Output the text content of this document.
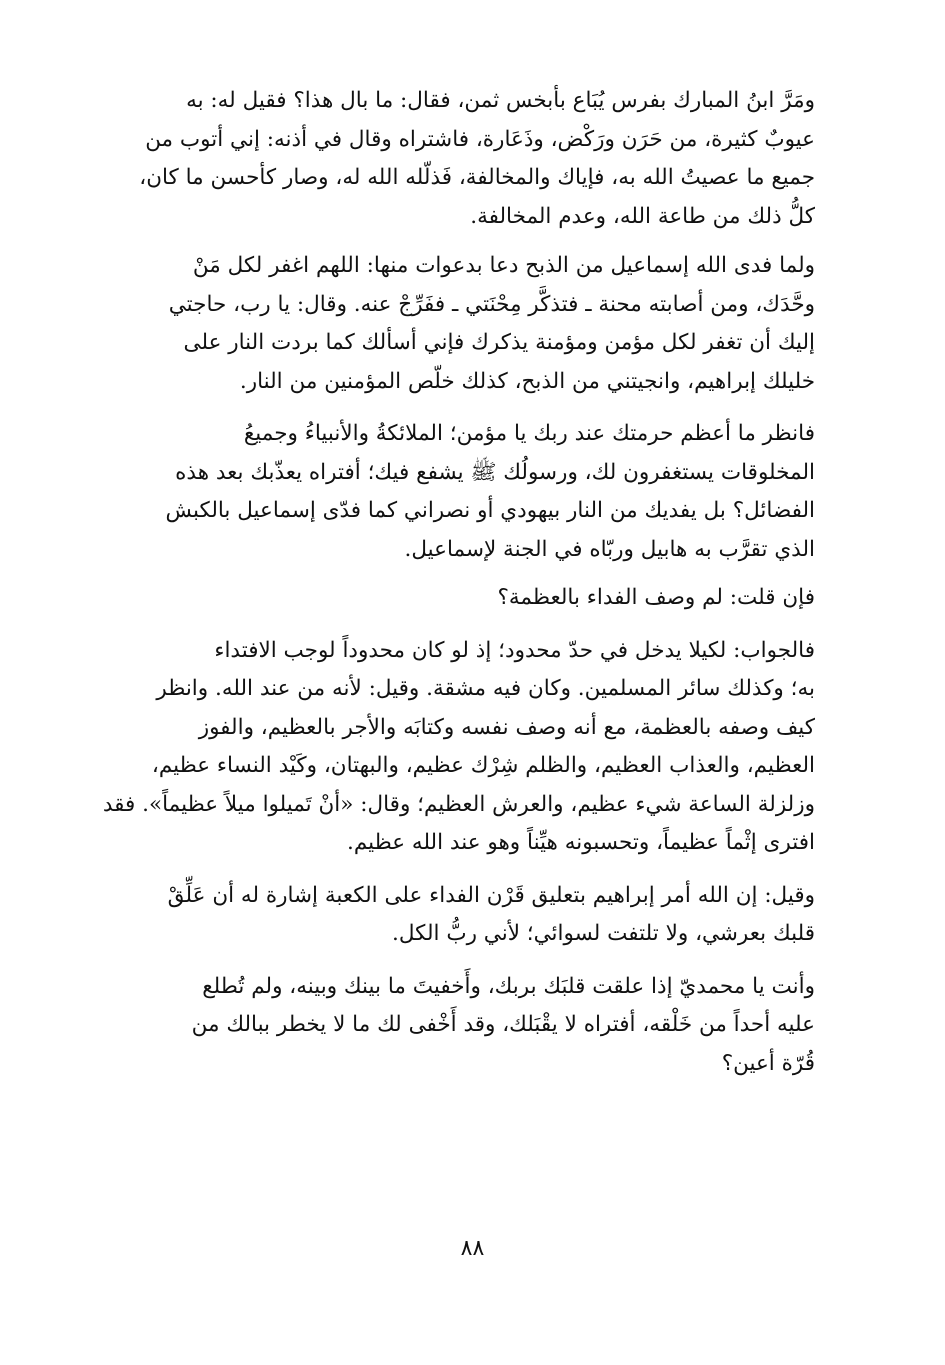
ومَرَّ ابنُ المبارك بفرس يُبَاع بأبخس ثمن، فقال: ما بال هذا؟ فقيل له: به
عيوبٌ كثيرة، من حَرَن ورَكْض، وذَعَارة، فاشتراه وقال في أذنه: إني أتوب من
جميع ما عصيتُ الله به، فإياك والمخالفة، فَذلّله الله له، وصار كأحسن ما كان،
كلُّ ذلك من طاعة الله، وعدم المخالفة.

ولما فدى الله إسماعيل من الذبح دعا بدعوات منها: اللهم اغفر لكل مَنْ
وحَّدَك، ومن أصابته محنة ـ فتذكَّر مِحْنَتي ـ ففَرِّجْ عنه. وقال: يا رب، حاجتي
إليك أن تغفر لكل مؤمن ومؤمنة يذكرك فإني أسألك كما بردت النار على
خليلك إبراهيم، وانجيتني من الذبح، كذلك خلّص المؤمنين من النار.

فانظر ما أعظم حرمتك عند ربك يا مؤمن؛ الملائكةُ والأنبياءُ وجميعُ
المخلوقات يستغفرون لك، ورسولُك ﷺ يشفع فيك؛ أفتراه يعذّبك بعد هذه
الفضائل؟ بل يفديك من النار بيهودي أو نصراني كما فدّى إسماعيل بالكبش
الذي تقرَّب به هابيل وربّاه في الجنة لإسماعيل.

فإن قلت: لم وصف الفداء بالعظمة؟

فالجواب: لكيلا يدخل في حدّ محدود؛ إذ لو كان محدوداً لوجب الافتداء
به؛ وكذلك سائر المسلمين. وكان فيه مشقة. وقيل: لأنه من عند الله. وانظر
كيف وصفه بالعظمة، مع أنه وصف نفسه وكتابَه والأجر بالعظيم، والفوز
العظيم، والعذاب العظيم، والظلم شِرْك عظيم، والبهتان، وكَيْد النساء عظيم،
وزلزلة الساعة شيء عظيم، والعرش العظيم؛ وقال: «أنْ تَميلوا ميلاً عظيماً». فقد
افترى إثْماً عظيماً، وتحسبونه هيِّناً وهو عند الله عظيم.

وقيل: إن الله أمر إبراهيم بتعليق قَرْن الفداء على الكعبة إشارة له أن عَلِّقْ
قلبك بعرشي، ولا تلتفت لسوائي؛ لأني ربُّ الكل.

وأنت يا محمديّ إذا علقت قلبَك بربك، وأَخفيتَ ما بينك وبينه، ولم تُطلع
عليه أحداً من خَلْقه، أفتراه لا يقْبَلك، وقد أَخْفى لك ما لا يخطر ببالك من
قُرّة أعين؟

٨٨
